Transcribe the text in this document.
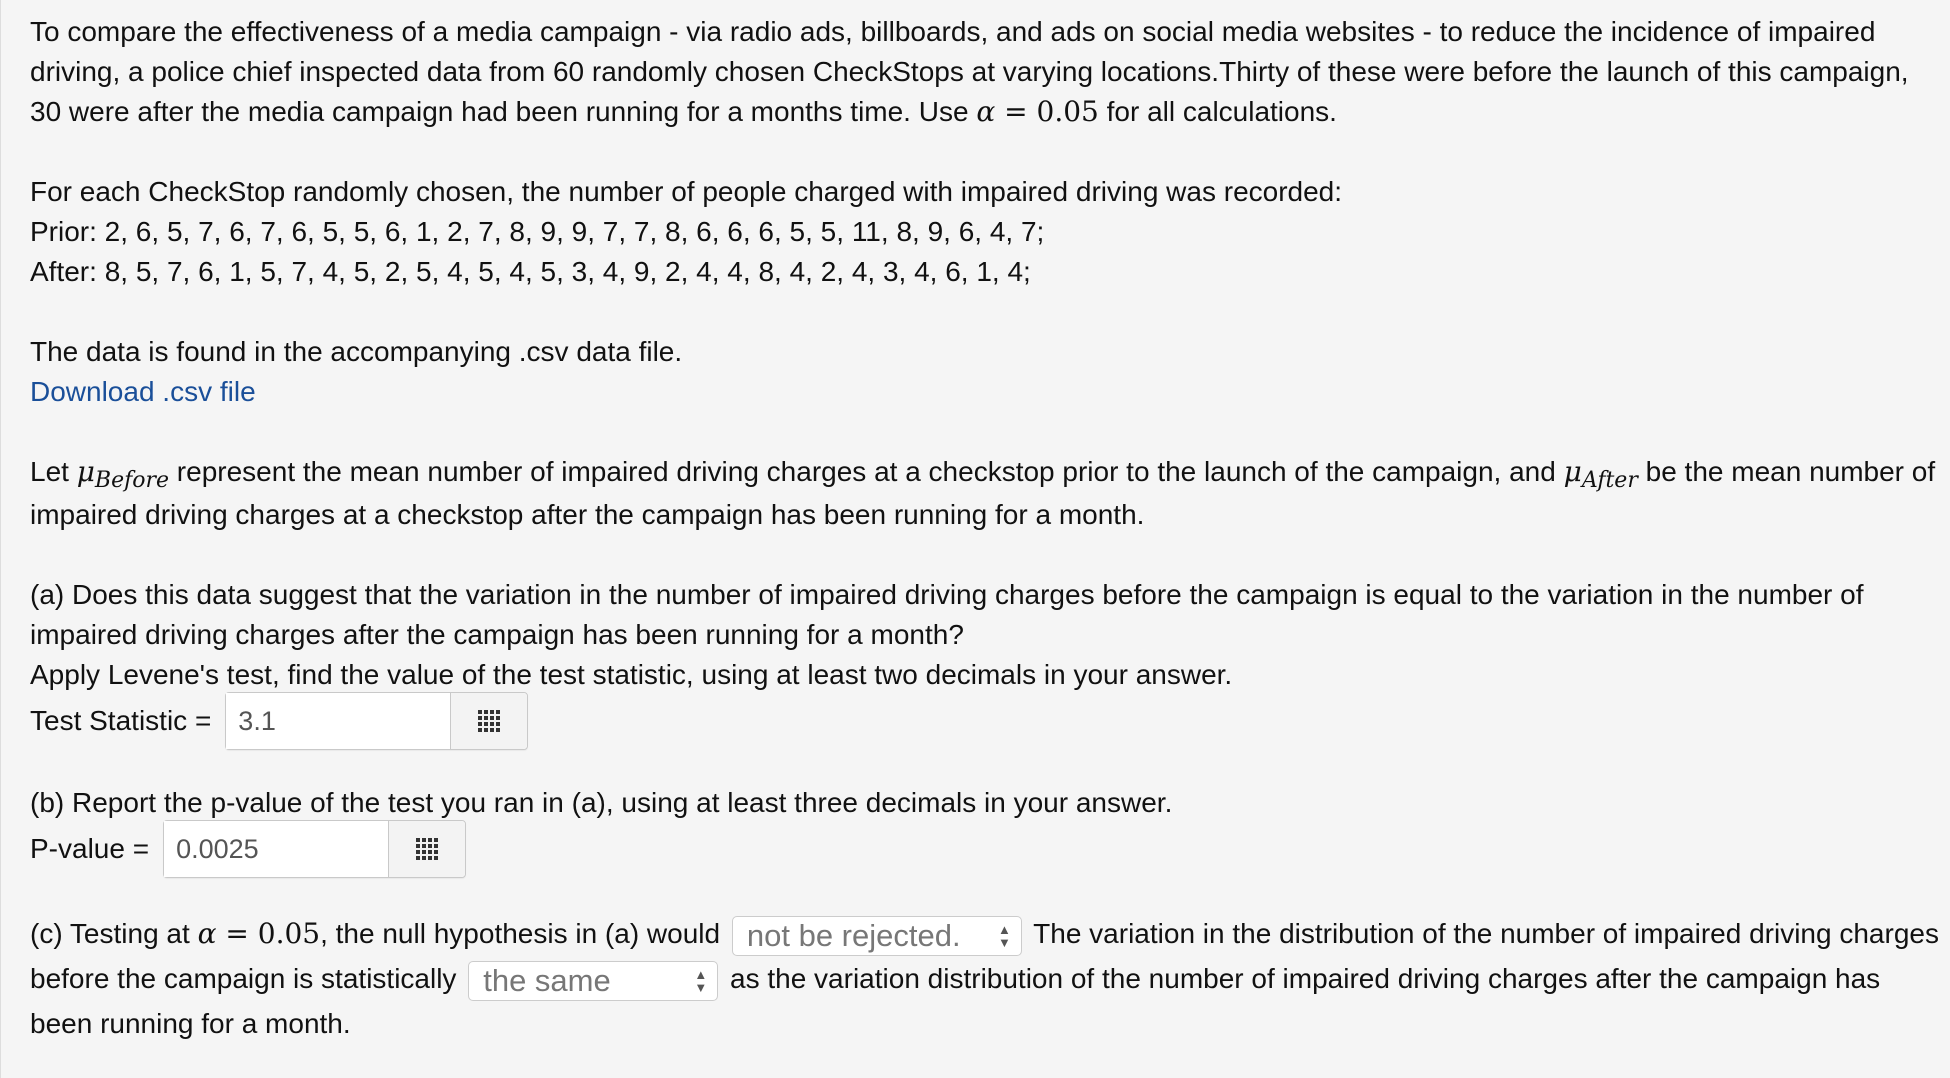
To compare the effectiveness of a media campaign - via radio ads, billboards, and ads on social media websites - to reduce the incidence of impaired driving, a police chief inspected data from 60 randomly chosen CheckStops at varying locations.Thirty of these were before the launch of this campaign, 30 were after the media campaign had been running for a months time. Use α = 0.05 for all calculations.

For each CheckStop randomly chosen, the number of people charged with impaired driving was recorded:

Prior: 2, 6, 5, 7, 6, 7, 6, 5, 5, 6, 1, 2, 7, 8, 9, 9, 7, 7, 8, 6, 6, 6, 5, 5, 11, 8, 9, 6, 4, 7;

After: 8, 5, 7, 6, 1, 5, 7, 4, 5, 2, 5, 4, 5, 4, 5, 3, 4, 9, 2, 4, 4, 8, 4, 2, 4, 3, 4, 6, 1, 4;

The data is found in the accompanying .csv data file.

Download .csv file

Let $\mu_{Before}$ represent the mean number of impaired driving charges at a checkstop prior to the launch of the campaign, and $\mu_{After}$ be the mean number of impaired driving charges at a checkstop after the campaign has been running for a month.

(a) Does this data suggest that the variation in the number of impaired driving charges before the campaign is equal to the variation in the number of impaired driving charges after the campaign has been running for a month?

Apply Levene's test, find the value of the test statistic, using at least two decimals in your answer.

Test Statistic =
3.1

(b) Report the p-value of the test you ran in (a), using at least three decimals in your answer.

P-value =
0.0025

(c) Testing at α = 0.05, the null hypothesis in (a) would not be rejected.	▲
▼ The variation in the distribution of the number of impaired driving charges before the campaign is statistically the same	▲
▼ as the variation distribution of the number of impaired driving charges after the campaign has been running for a month.
